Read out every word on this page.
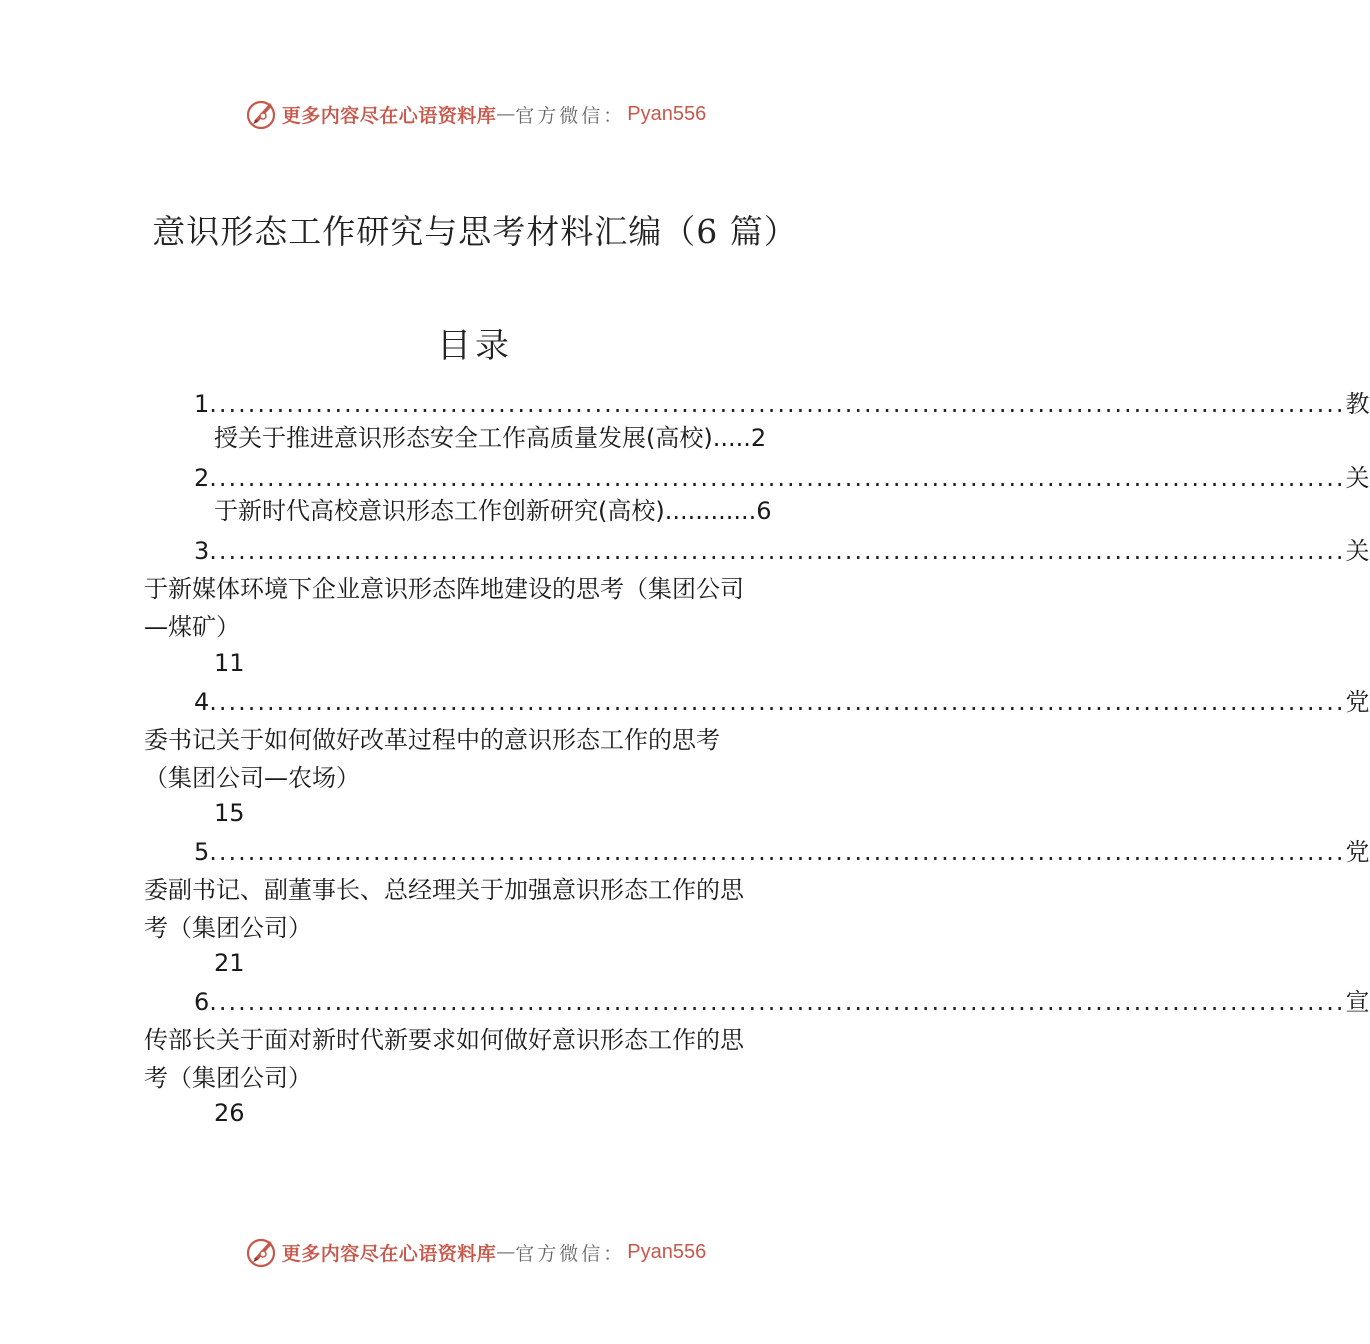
更多内容尽在心语资料库 — 官方微信： Pyan556
意识形态工作研究与思考材料汇编（6 篇）
目录
1 ...................................................................................................................... 教
授关于推进意识形态安全工作高质量发展(高校).....2
2 ...................................................................................................................... 关
于新时代高校意识形态工作创新研究(高校)............6
3 ...................................................................................................................... 关
于新媒体环境下企业意识形态阵地建设的思考（集团公司
—煤矿）
11
4 ...................................................................................................................... 党
委书记关于如何做好改革过程中的意识形态工作的思考
（集团公司—农场）
15
5 ...................................................................................................................... 党
委副书记、副董事长、总经理关于加强意识形态工作的思
考（集团公司）
21
6 ...................................................................................................................... 宣
传部长关于面对新时代新要求如何做好意识形态工作的思
考（集团公司）
26
更多内容尽在心语资料库 — 官方微信： Pyan556
